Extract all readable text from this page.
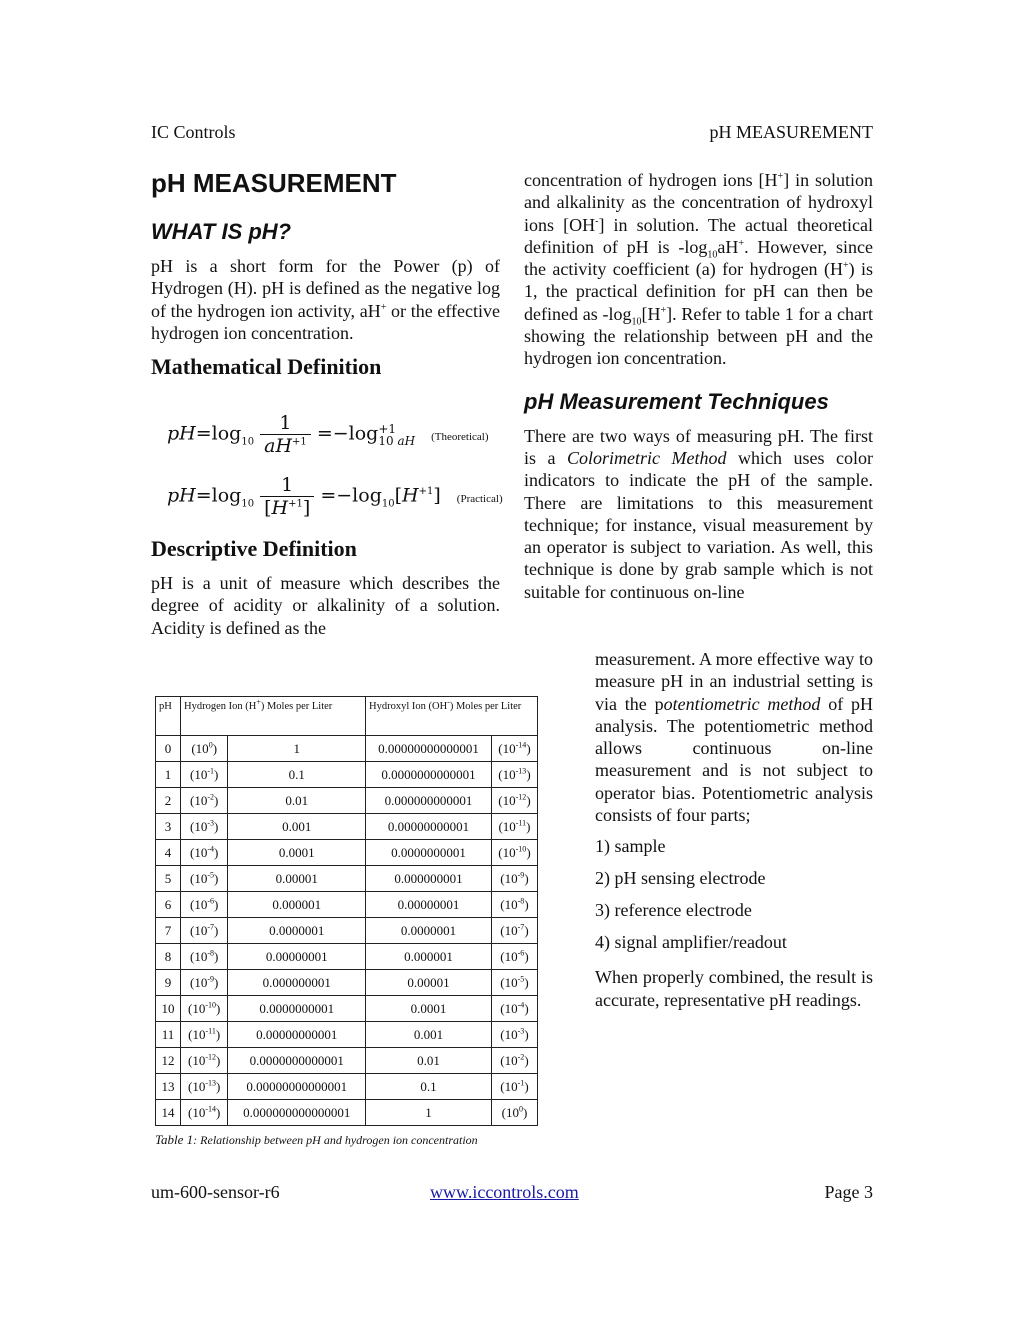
IC Controls	pH MEASUREMENT
pH MEASUREMENT
WHAT IS pH?

pH is a short form for the Power (p) of Hydrogen (H). pH is defined as the negative log of the hydrogen ion activity, aH+ or the effective hydrogen ion concentration.

Mathematical Definition
$pH=\log_{10} \frac{1}{aH^{+1}} =-\log +1$
10 aH (Theoretical)
$pH=\log_{10} \frac{1}{[H^{+1}]} =-\log_{10}[H^{+1}]$ (Practical)
Descriptive Definition

pH is a unit of measure which describes the degree of acidity or alkalinity of a solution. Acidity is defined as the

concentration of hydrogen ions [H+] in solution and alkalinity as the concentration of hydroxyl ions [OH-] in solution. The actual theoretical definition of pH is $-\log_{10}aH^+$. However, since the activity coefficient (a) for hydrogen (H+) is 1, the practical definition for pH can then be defined as $-\log_{10}[H^+]$. Refer to table 1 for a chart showing the relationship between pH and the hydrogen ion concentration.

pH Measurement Techniques

There are two ways of measuring pH. The first is a Colorimetric Method which uses color indicators to indicate the pH of the sample. There are limitations to this measurement technique; for instance, visual measurement by an operator is subject to variation. As well, this technique is done by grab sample which is not suitable for continuous on-line

measurement. A more effective way to measure pH in an industrial setting is via the potentiometric method of pH analysis. The potentiometric method allows continuous on-line measurement and is not subject to operator bias. Potentiometric analysis consists of four parts;

1) sample
2) pH sensing electrode
3) reference electrode
4) signal amplifier/readout

When properly combined, the result is accurate, representative pH readings.

pH	Hydrogen Ion (H+) Moles per Liter		Hydroxyl Ion (OH-) Moles per Liter	
0	$(10^0)$	1	0.00000000000001	$(10^{-14})$
1	$(10^{-1})$	0.1	0.0000000000001	$(10^{-13})$
2	$(10^{-2})$	0.01	0.000000000001	$(10^{-12})$
3	$(10^{-3})$	0.001	0.00000000001	$(10^{-11})$
4	$(10^{-4})$	0.0001	0.0000000001	$(10^{-10})$
5	$(10^{-5})$	0.00001	0.000000001	$(10^{-9})$
6	$(10^{-6})$	0.000001	0.00000001	$(10^{-8})$
7	$(10^{-7})$	0.0000001	0.0000001	$(10^{-7})$
8	$(10^{-8})$	0.00000001	0.000001	$(10^{-6})$
9	$(10^{-9})$	0.000000001	0.00001	$(10^{-5})$
10	$(10^{-10})$	0.0000000001	0.0001	$(10^{-4})$
11	$(10^{-11})$	0.00000000001	0.001	$(10^{-3})$
12	$(10^{-12})$	0.0000000000001	0.01	$(10^{-2})$
13	$(10^{-13})$	0.00000000000001	0.1	$(10^{-1})$
14	$(10^{-14})$	0.000000000000001	1	$(10^0)$
Table 1: Relationship between pH and hydrogen ion concentration
um-600-sensor-r6	www.iccontrols.com	Page 3
